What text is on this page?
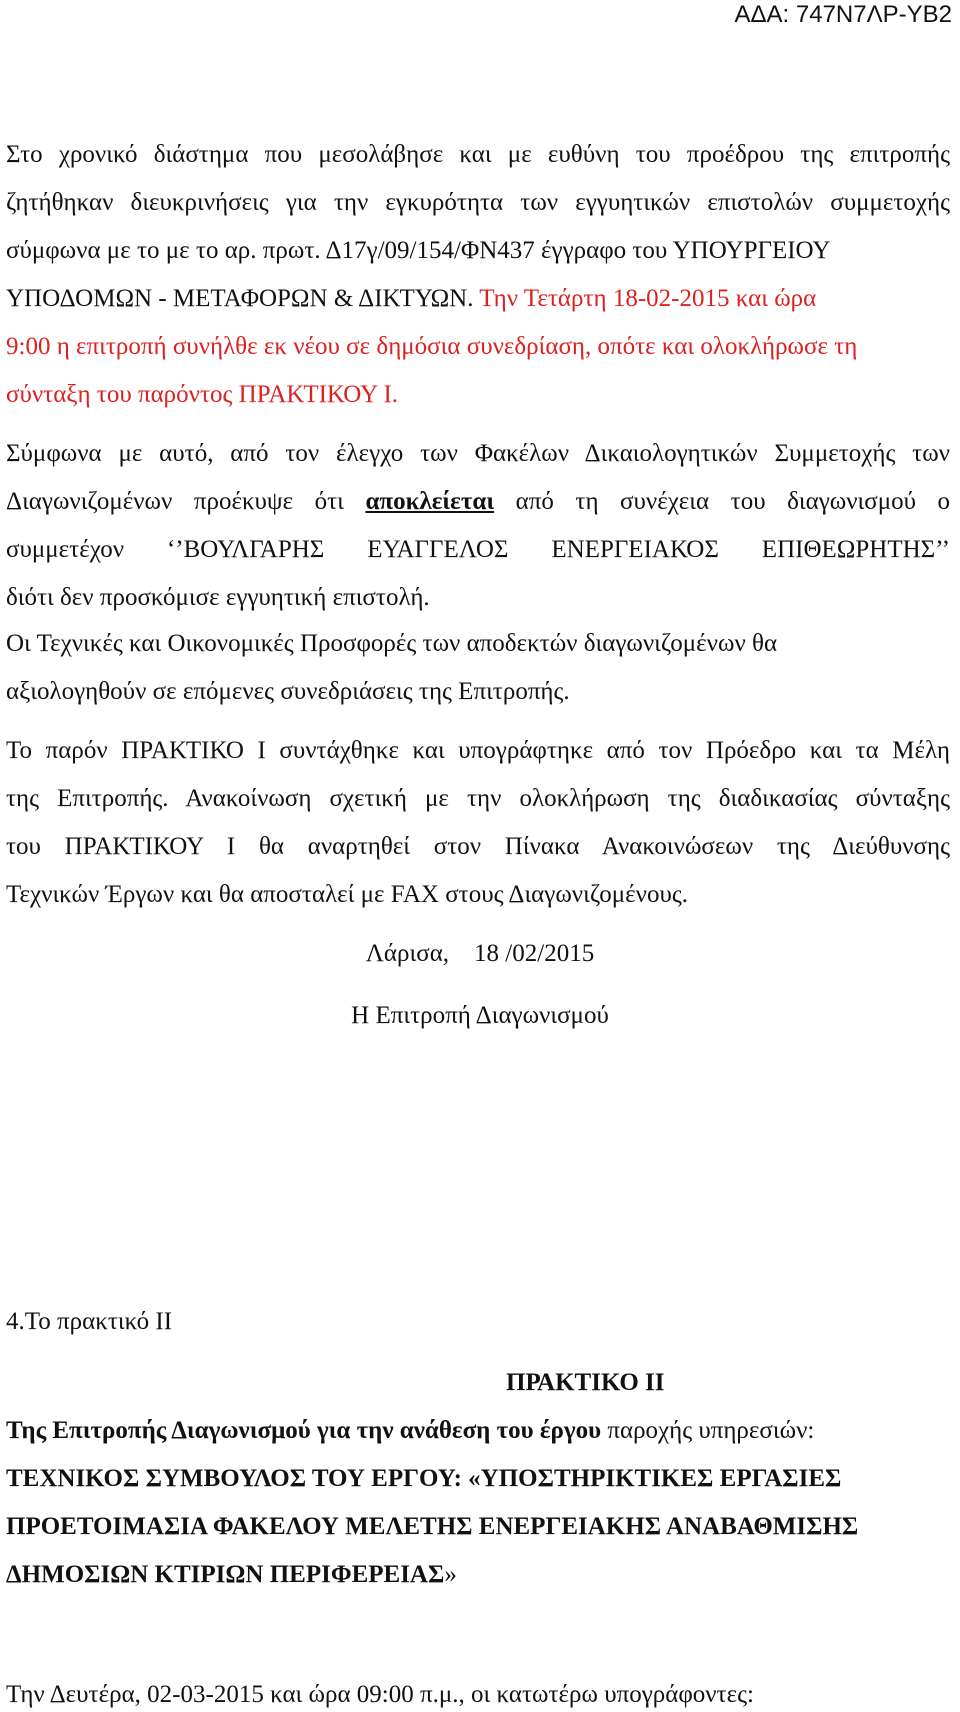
ΑΔΑ: 747Ν7ΛΡ-ΥΒ2
Στο χρονικό διάστημα που μεσολάβησε και με ευθύνη του προέδρου της επιτροπής
ζητήθηκαν διευκρινήσεις για την εγκυρότητα των εγγυητικών επιστολών συμμετοχής
σύμφωνα με το με το αρ. πρωτ. Δ17γ/09/154/ΦΝ437 έγγραφο του ΥΠΟΥΡΓΕΙΟΥ
ΥΠΟΔΟΜΩΝ - ΜΕΤΑΦΟΡΩΝ & ΔΙΚΤΥΩΝ. Την Τετάρτη 18-02-2015 και ώρα
9:00 η επιτροπή συνήλθε εκ νέου σε δημόσια συνεδρίαση, οπότε και ολοκλήρωσε τη
σύνταξη του παρόντος ΠΡΑΚΤΙΚΟΥ Ι.
Σύμφωνα με αυτό, από τον έλεγχο των Φακέλων Δικαιολογητικών Συμμετοχής των
Διαγωνιζομένων προέκυψε ότι αποκλείεται από τη συνέχεια του διαγωνισμού ο
συμμετέχον ‘’ΒΟΥΛΓΑΡΗΣ ΕΥΑΓΓΕΛΟΣ ΕΝΕΡΓΕΙΑΚΟΣ ΕΠΙΘΕΩΡΗΤΗΣ’’
διότι δεν προσκόμισε εγγυητική επιστολή.
Οι Τεχνικές και Οικονομικές Προσφορές των αποδεκτών διαγωνιζομένων θα
αξιολογηθούν σε επόμενες συνεδριάσεις της Επιτροπής.
Το παρόν ΠΡΑΚΤΙΚΟ Ι συντάχθηκε και υπογράφτηκε από τον Πρόεδρο και τα Μέλη
της Επιτροπής. Ανακοίνωση σχετική με την ολοκλήρωση της διαδικασίας σύνταξης
του ΠΡΑΚΤΙΚΟΥ Ι θα αναρτηθεί στον Πίνακα Ανακοινώσεων της Διεύθυνσης
Τεχνικών Έργων και θα αποσταλεί με FAX στους Διαγωνιζομένους.
Λάρισα,    18 /02/2015
Η Επιτροπή Διαγωνισμού
4.Το πρακτικό ΙΙ
ΠΡΑΚΤΙΚΟ ΙΙ
Της Επιτροπής Διαγωνισμού για την ανάθεση του έργου παροχής υπηρεσιών:
ΤΕΧΝΙΚΟΣ ΣΥΜΒΟΥΛΟΣ ΤΟΥ ΕΡΓΟΥ: «ΥΠΟΣΤΗΡΙΚΤΙΚΕΣ ΕΡΓΑΣΙΕΣ
ΠΡΟΕΤΟΙΜΑΣΙΑ ΦΑΚΕΛΟΥ ΜΕΛΕΤΗΣ ΕΝΕΡΓΕΙΑΚΗΣ ΑΝΑΒΑΘΜΙΣΗΣ
ΔΗΜΟΣΙΩΝ ΚΤΙΡΙΩΝ ΠΕΡΙΦΕΡΕΙΑΣ»
Την Δευτέρα, 02-03-2015 και ώρα 09:00 π.μ., οι κατωτέρω υπογράφοντες:
